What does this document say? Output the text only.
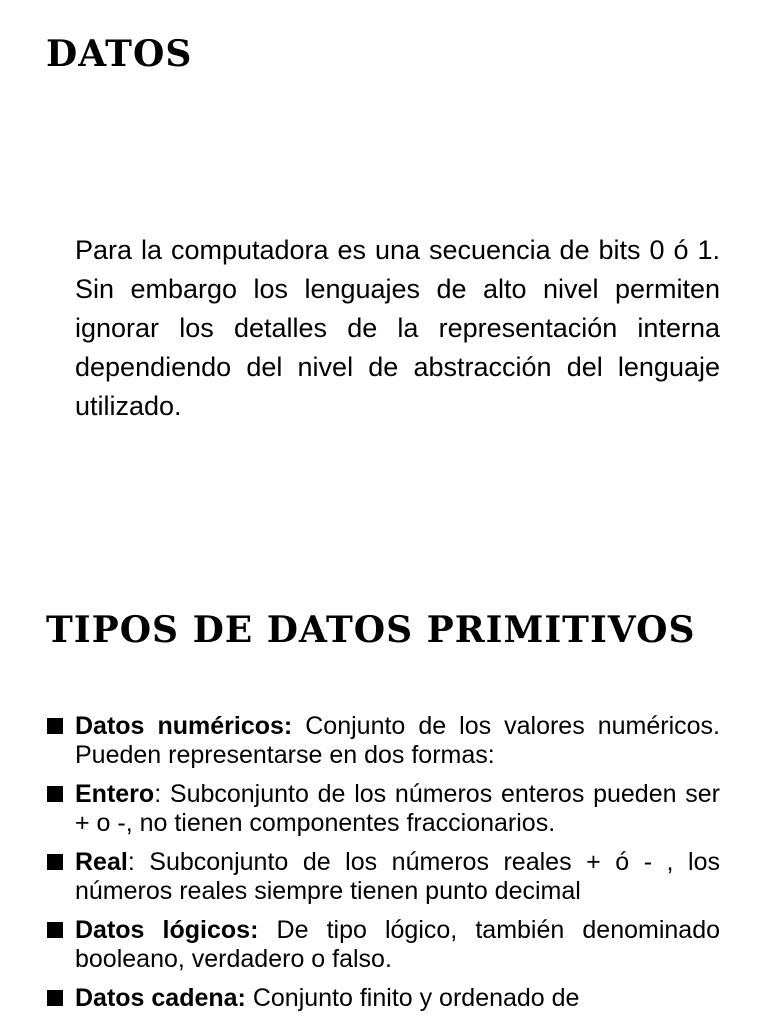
DATOS

Para la computadora es una secuencia de bits 0 ó 1. Sin embargo los lenguajes de alto nivel permiten ignorar los detalles de la representación interna dependiendo del nivel de abstracción del lenguaje utilizado.

TIPOS DE DATOS PRIMITIVOS
Datos numéricos: Conjunto de los valores numéricos. Pueden representarse en dos formas:
Entero: Subconjunto de los números enteros pueden ser + o -, no tienen componentes fraccionarios.
Real: Subconjunto de los números reales + ó - , los números reales siempre tienen punto decimal
Datos lógicos: De tipo lógico, también denominado booleano, verdadero o falso.
Datos cadena: Conjunto finito y ordenado de
